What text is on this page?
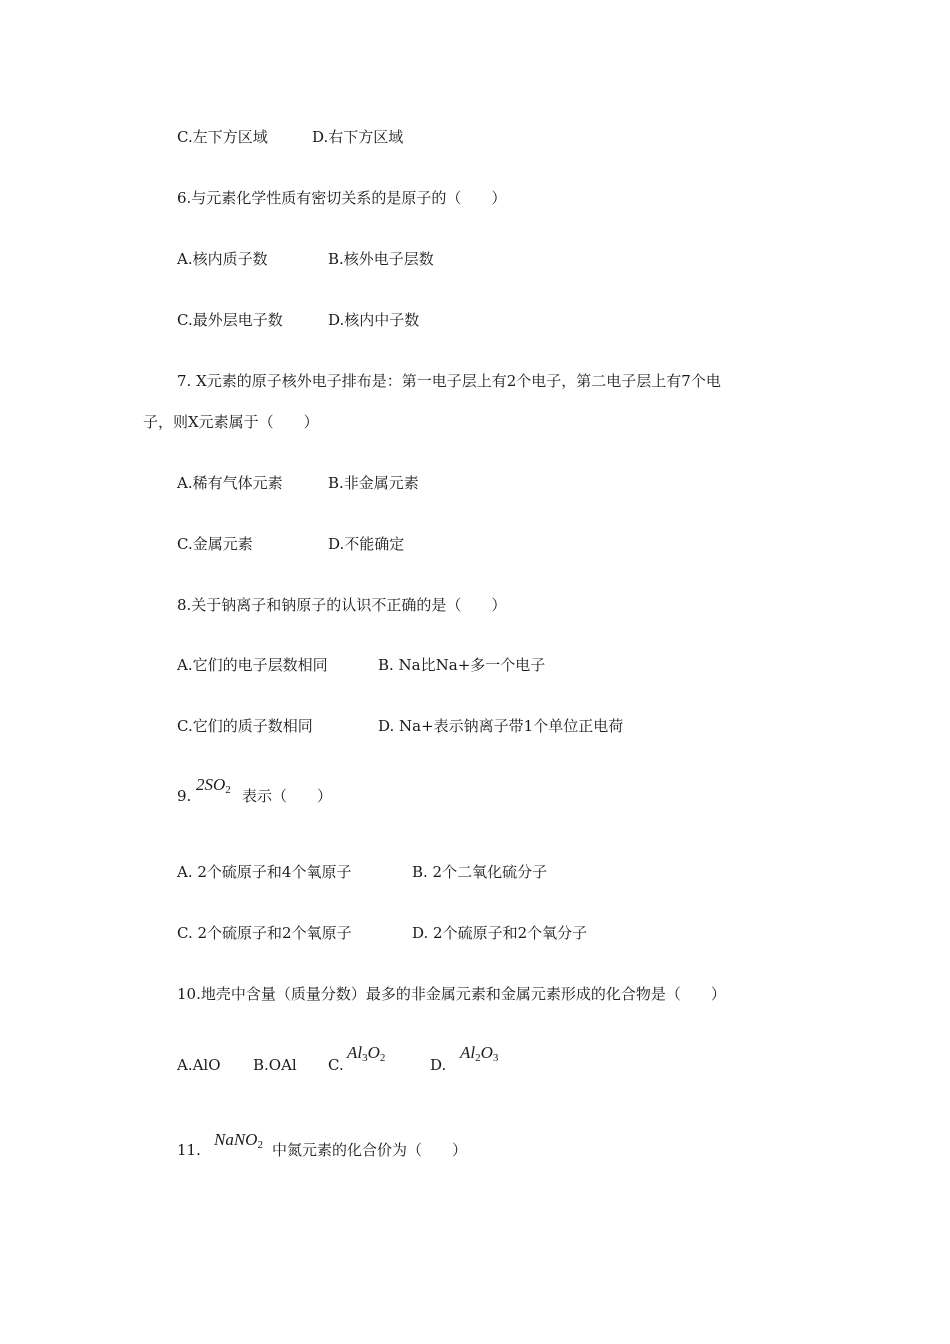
C.左下方区域	D.右下方区域
6.与元素化学性质有密切关系的是原子的（　　）
A.核内质子数	B.核外电子层数
C.最外层电子数	D.核内中子数
7. X元素的原子核外电子排布是：第一电子层上有2个电子，第二电子层上有7个电
子，则X元素属于（　　）
A.稀有气体元素	B.非金属元素
C.金属元素	D.不能确定
8.关于钠离子和钠原子的认识不正确的是（　　）
A.它们的电子层数相同	B. Na比Na+多一个电子
C.它们的质子数相同	D. Na+表示钠离子带1个单位正电荷
9.
$2SO_2$ 表示（　　）
A. 2个硫原子和4个氧原子	B. 2个二氧化硫分子
C. 2个硫原子和2个氧原子	D. 2个硫原子和2个氧分子
10.地壳中含量（质量分数）最多的非金属元素和金属元素形成的化合物是（　　）
A.AlO B.OAl C.
$Al_3O_2$	D.
$Al_2O_3$
11.
NaNO$_2$ 中氮元素的化合价为（　　）
